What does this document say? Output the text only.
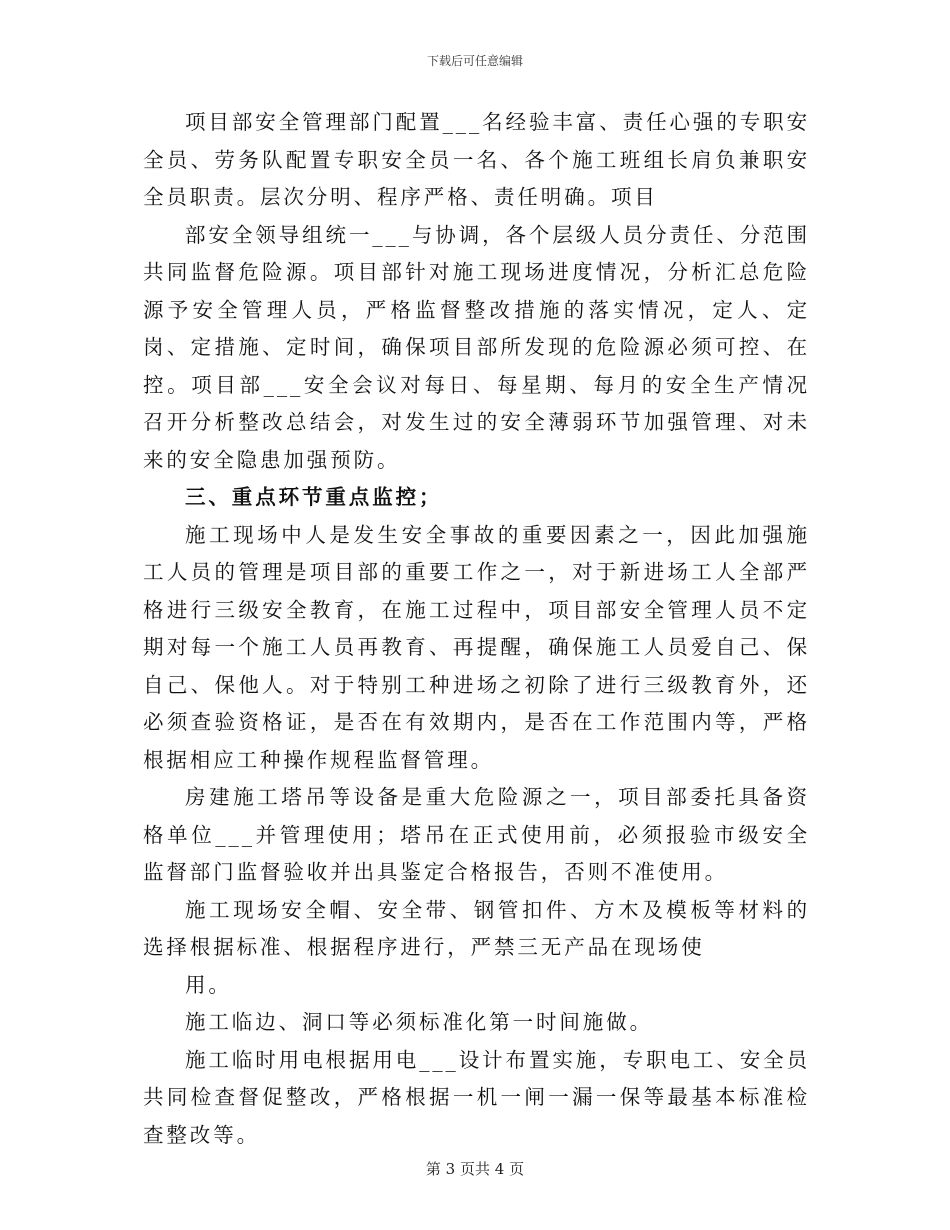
下载后可任意编辑

项目部安全管理部门配置___名经验丰富、责任心强的专职安全员、劳务队配置专职安全员一名、各个施工班组长肩负兼职安全员职责。层次分明、程序严格、责任明确。项目

部安全领导组统一___与协调，各个层级人员分责任、分范围共同监督危险源。项目部针对施工现场进度情况，分析汇总危险源予安全管理人员，严格监督整改措施的落实情况，定人、定岗、定措施、定时间，确保项目部所发现的危险源必须可控、在控。项目部___安全会议对每日、每星期、每月的安全生产情况召开分析整改总结会，对发生过的安全薄弱环节加强管理、对未来的安全隐患加强预防。

三、重点环节重点监控；

施工现场中人是发生安全事故的重要因素之一，因此加强施工人员的管理是项目部的重要工作之一，对于新进场工人全部严格进行三级安全教育，在施工过程中，项目部安全管理人员不定期对每一个施工人员再教育、再提醒，确保施工人员爱自己、保自己、保他人。对于特别工种进场之初除了进行三级教育外，还必须查验资格证，是否在有效期内，是否在工作范围内等，严格根据相应工种操作规程监督管理。

房建施工塔吊等设备是重大危险源之一，项目部委托具备资格单位___并管理使用；塔吊在正式使用前，必须报验市级安全监督部门监督验收并出具鉴定合格报告，否则不准使用。

施工现场安全帽、安全带、钢管扣件、方木及模板等材料的选择根据标准、根据程序进行，严禁三无产品在现场使

用。

施工临边、洞口等必须标准化第一时间施做。

施工临时用电根据用电___设计布置实施，专职电工、安全员共同检查督促整改，严格根据一机一闸一漏一保等最基本标准检查整改等。

第 3 页共 4 页
